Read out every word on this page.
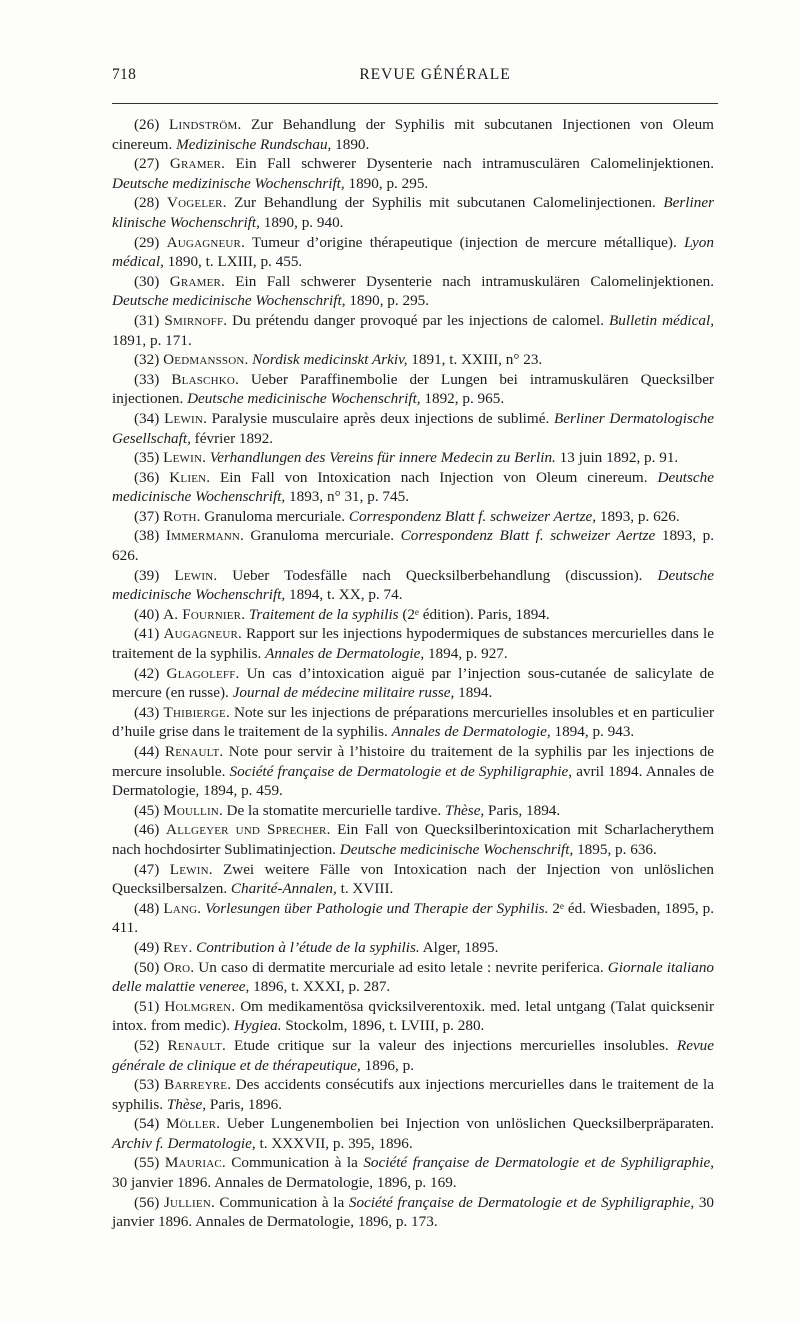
718	REVUE GÉNÉRALE

(26) Lindström. Zur Behandlung der Syphilis mit subcutanen Injectionen von Oleum cinereum. Medizinische Rundschau, 1890.

(27) Gramer. Ein Fall schwerer Dysenterie nach intramusculären Calomelinjektionen. Deutsche medizinische Wochenschrift, 1890, p. 295.

(28) Vogeler. Zur Behandlung der Syphilis mit subcutanen Calomelinjectionen. Berliner klinische Wochenschrift, 1890, p. 940.

(29) Augagneur. Tumeur d’origine thérapeutique (injection de mercure métallique). Lyon médical, 1890, t. LXIII, p. 455.

(30) Gramer. Ein Fall schwerer Dysenterie nach intramuskulären Calomelinjektionen. Deutsche medicinische Wochenschrift, 1890, p. 295.

(31) Smirnoff. Du prétendu danger provoqué par les injections de calomel. Bulletin médical, 1891, p. 171.

(32) Oedmansson. Nordisk medicinskt Arkiv, 1891, t. XXIII, n° 23.

(33) Blaschko. Ueber Paraffinembolie der Lungen bei intramuskulären Quecksilber injectionen. Deutsche medicinische Wochenschrift, 1892, p. 965.

(34) Lewin. Paralysie musculaire après deux injections de sublimé. Berliner Dermatologische Gesellschaft, février 1892.

(35) Lewin. Verhandlungen des Vereins für innere Medecin zu Berlin. 13 juin 1892, p. 91.

(36) Klien. Ein Fall von Intoxication nach Injection von Oleum cinereum. Deutsche medicinische Wochenschrift, 1893, n° 31, p. 745.

(37) Roth. Granuloma mercuriale. Correspondenz Blatt f. schweizer Aertze, 1893, p. 626.

(38) Immermann. Granuloma mercuriale. Correspondenz Blatt f. schweizer Aertze 1893, p. 626.

(39) Lewin. Ueber Todesfälle nach Quecksilberbehandlung (discussion). Deutsche medicinische Wochenschrift, 1894, t. XX, p. 74.

(40) A. Fournier. Traitement de la syphilis (2ᵉ édition). Paris, 1894.

(41) Augagneur. Rapport sur les injections hypodermiques de substances mercurielles dans le traitement de la syphilis. Annales de Dermatologie, 1894, p. 927.

(42) Glagoleff. Un cas d’intoxication aiguë par l’injection sous-cutanée de salicylate de mercure (en russe). Journal de médecine militaire russe, 1894.

(43) Thibierge. Note sur les injections de préparations mercurielles insolubles et en particulier d’huile grise dans le traitement de la syphilis. Annales de Dermatologie, 1894, p. 943.

(44) Renault. Note pour servir à l’histoire du traitement de la syphilis par les injections de mercure insoluble. Société française de Dermatologie et de Syphiligraphie, avril 1894. Annales de Dermatologie, 1894, p. 459.

(45) Moullin. De la stomatite mercurielle tardive. Thèse, Paris, 1894.

(46) Allgeyer und Sprecher. Ein Fall von Quecksilberintoxication mit Scharlacherythem nach hochdosirter Sublimatinjection. Deutsche medicinische Wochenschrift, 1895, p. 636.

(47) Lewin. Zwei weitere Fälle von Intoxication nach der Injection von unlöslichen Quecksilbersalzen. Charité-Annalen, t. XVIII.

(48) Lang. Vorlesungen über Pathologie und Therapie der Syphilis. 2ᵉ éd. Wiesbaden, 1895, p. 411.

(49) Rey. Contribution à l’étude de la syphilis. Alger, 1895.

(50) Oro. Un caso di dermatite mercuriale ad esito letale : nevrite periferica. Giornale italiano delle malattie veneree, 1896, t. XXXI, p. 287.

(51) Holmgren. Om medikamentösa qvicksilverentoxik. med. letal untgang (Talat quicksenir intox. from medic). Hygiea. Stockolm, 1896, t. LVIII, p. 280.

(52) Renault. Etude critique sur la valeur des injections mercurielles insolubles. Revue générale de clinique et de thérapeutique, 1896, p.

(53) Barreyre. Des accidents consécutifs aux injections mercurielles dans le traitement de la syphilis. Thèse, Paris, 1896.

(54) Möller. Ueber Lungenembolien bei Injection von unlöslichen Quecksilberpräparaten. Archiv f. Dermatologie, t. XXXVII, p. 395, 1896.

(55) Mauriac. Communication à la Société française de Dermatologie et de Syphiligraphie, 30 janvier 1896. Annales de Dermatologie, 1896, p. 169.

(56) Jullien. Communication à la Société française de Dermatologie et de Syphiligraphie, 30 janvier 1896. Annales de Dermatologie, 1896, p. 173.
